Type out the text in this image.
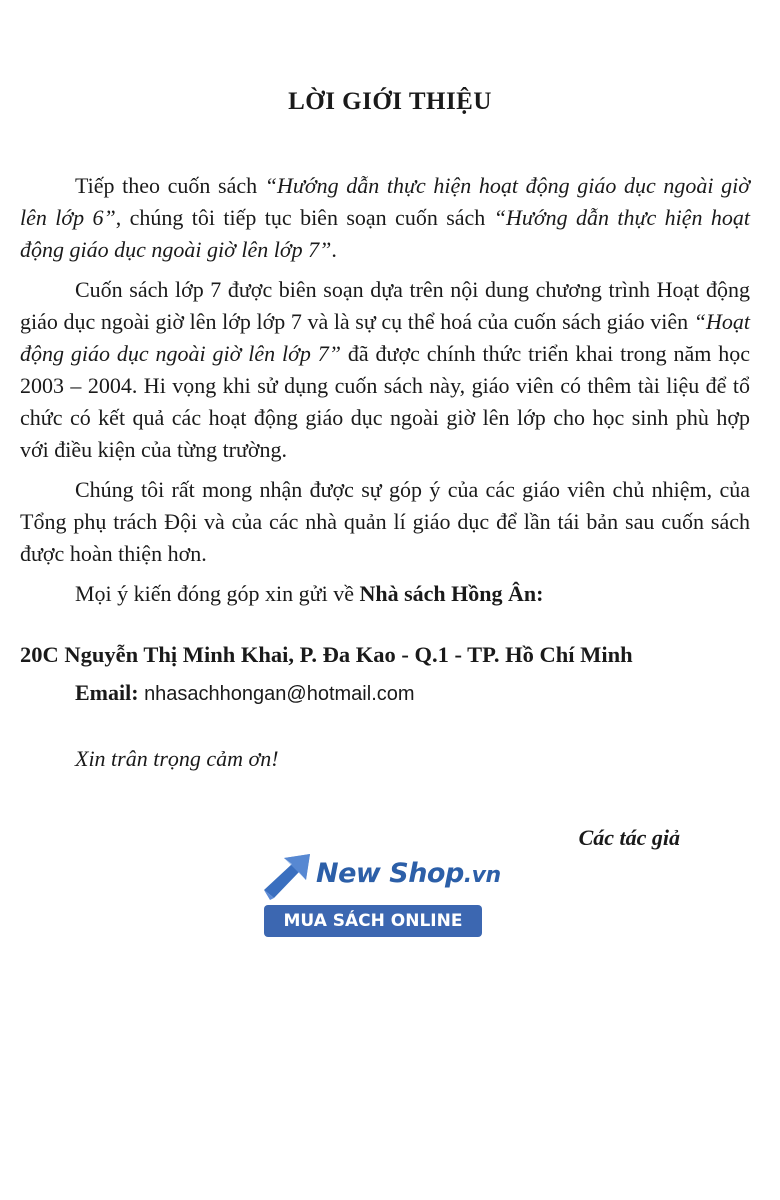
LỜI GIỚI THIỆU

Tiếp theo cuốn sách “Hướng dẫn thực hiện hoạt động giáo dục ngoài giờ lên lớp 6”, chúng tôi tiếp tục biên soạn cuốn sách “Hướng dẫn thực hiện hoạt động giáo dục ngoài giờ lên lớp 7”.

Cuốn sách lớp 7 được biên soạn dựa trên nội dung chương trình Hoạt động giáo dục ngoài giờ lên lớp lớp 7 và là sự cụ thể hoá của cuốn sách giáo viên “Hoạt động giáo dục ngoài giờ lên lớp 7” đã được chính thức triển khai trong năm học 2003 – 2004. Hi vọng khi sử dụng cuốn sách này, giáo viên có thêm tài liệu để tổ chức có kết quả các hoạt động giáo dục ngoài giờ lên lớp cho học sinh phù hợp với điều kiện của từng trường.

Chúng tôi rất mong nhận được sự góp ý của các giáo viên chủ nhiệm, của Tổng phụ trách Đội và của các nhà quản lí giáo dục để lần tái bản sau cuốn sách được hoàn thiện hơn.

Mọi ý kiến đóng góp xin gửi về Nhà sách Hồng Ân:

20C Nguyễn Thị Minh Khai, P. Đa Kao - Q.1 - TP. Hồ Chí Minh
Email: nhasachhongan@hotmail.com
Xin trân trọng cảm ơn!
Các tác giả
New Shop.vn
MUA SÁCH ONLINE
